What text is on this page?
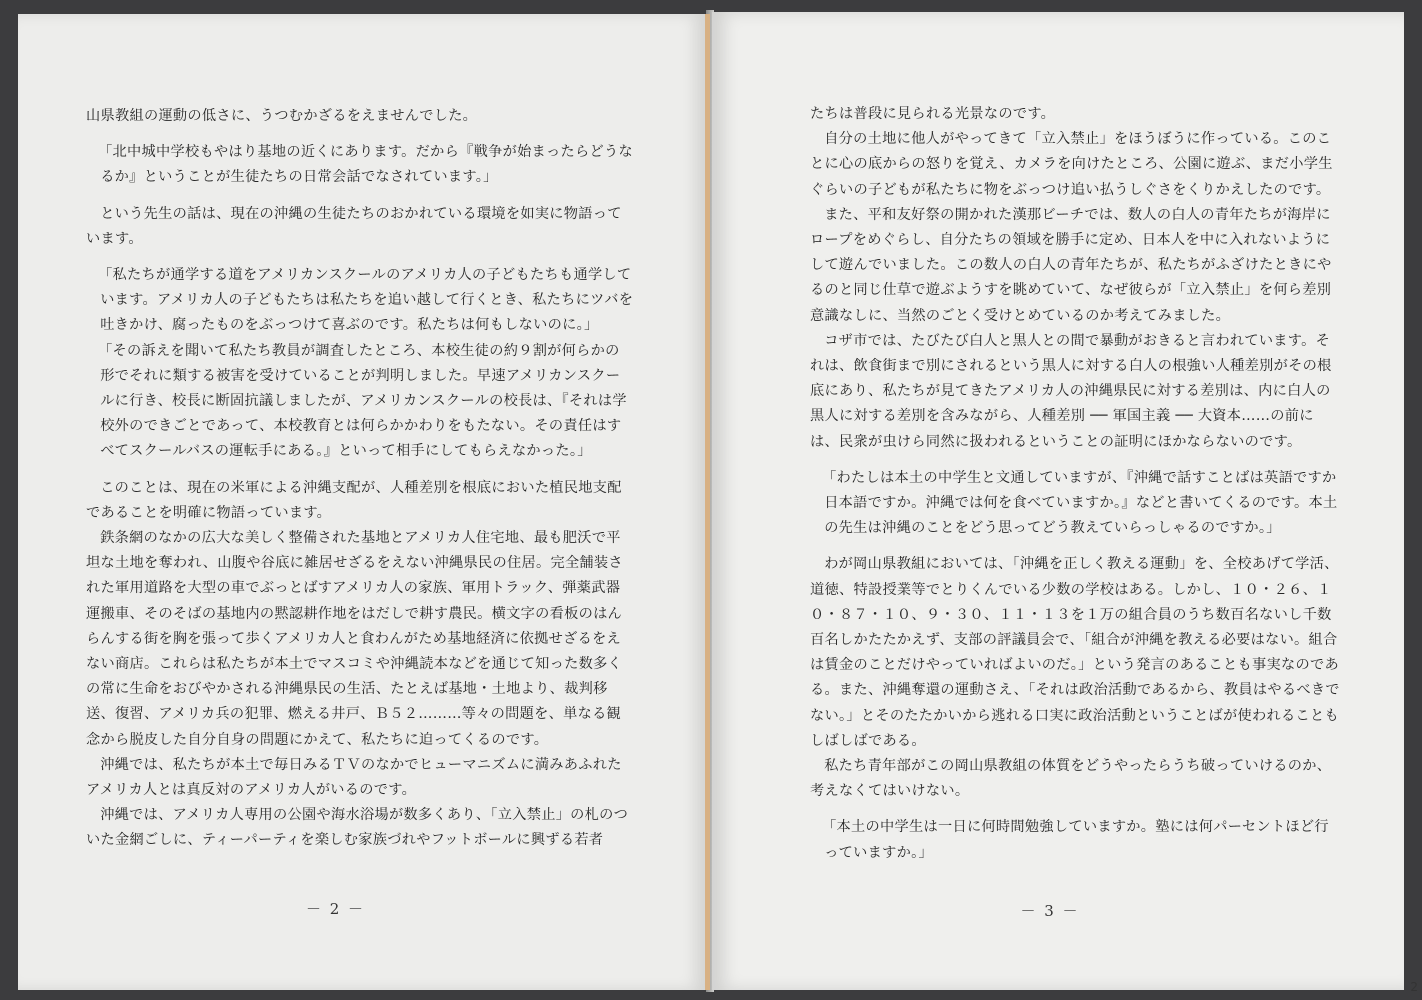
山県教組の運動の低さに、うつむかざるをえませんでした。

「北中城中学校もやはり基地の近くにあります。だから『戦争が始まったらどうなるか』ということが生徒たちの日常会話でなされています。」

という先生の話は、現在の沖縄の生徒たちのおかれている環境を如実に物語っています。

「私たちが通学する道をアメリカンスクールのアメリカ人の子どもたちも通学しています。アメリカ人の子どもたちは私たちを追い越して行くとき、私たちにツバを吐きかけ、腐ったものをぶっつけて喜ぶのです。私たちは何もしないのに。」

「その訴えを聞いて私たち教員が調査したところ、本校生徒の約９割が何らかの形でそれに類する被害を受けていることが判明しました。早速アメリカンスクールに行き、校長に断固抗議しましたが、アメリカンスクールの校長は、『それは学校外のできごとであって、本校教育とは何らかかわりをもたない。その責任はすべてスクールバスの運転手にある。』といって相手にしてもらえなかった。」

このことは、現在の米軍による沖縄支配が、人種差別を根底においた植民地支配であることを明確に物語っています。

鉄条網のなかの広大な美しく整備された基地とアメリカ人住宅地、最も肥沃で平坦な土地を奪われ、山腹や谷底に雑居せざるをえない沖縄県民の住居。完全舗装された軍用道路を大型の車でぶっとばすアメリカ人の家族、軍用トラック、弾薬武器運搬車、そのそばの基地内の黙認耕作地をはだしで耕す農民。横文字の看板のはんらんする街を胸を張って歩くアメリカ人と食わんがため基地経済に依拠せざるをえない商店。これらは私たちが本土でマスコミや沖縄読本などを通じて知った数多くの常に生命をおびやかされる沖縄県民の生活、たとえば基地・土地より、裁判移送、復習、アメリカ兵の犯罪、燃える井戸、Ｂ５２………等々の問題を、単なる観念から脱皮した自分自身の問題にかえて、私たちに迫ってくるのです。

沖縄では、私たちが本土で毎日みるＴＶのなかでヒューマニズムに満みあふれたアメリカ人とは真反対のアメリカ人がいるのです。

沖縄では、アメリカ人専用の公園や海水浴場が数多くあり、「立入禁止」の札のついた金網ごしに、ティーパーティを楽しむ家族づれやフットボールに興ずる若者

－ 2 －

たちは普段に見られる光景なのです。

自分の土地に他人がやってきて「立入禁止」をほうぼうに作っている。このことに心の底からの怒りを覚え、カメラを向けたところ、公園に遊ぶ、まだ小学生ぐらいの子どもが私たちに物をぶっつけ追い払うしぐさをくりかえしたのです。

また、平和友好祭の開かれた漢那ビーチでは、数人の白人の青年たちが海岸にロープをめぐらし、自分たちの領域を勝手に定め、日本人を中に入れないようにして遊んでいました。この数人の白人の青年たちが、私たちがふざけたときにやるのと同じ仕草で遊ぶようすを眺めていて、なぜ彼らが「立入禁止」を何ら差別意識なしに、当然のごとく受けとめているのか考えてみました。

コザ市では、たびたび白人と黒人との間で暴動がおきると言われています。それは、飲食街まで別にされるという黒人に対する白人の根強い人種差別がその根底にあり、私たちが見てきたアメリカ人の沖縄県民に対する差別は、内に白人の黒人に対する差別を含みながら、人種差別 ── 軍国主義 ── 大資本……の前には、民衆が虫けら同然に扱われるということの証明にほかならないのです。

「わたしは本土の中学生と文通していますが、『沖縄で話すことばは英語ですか日本語ですか。沖縄では何を食べていますか。』などと書いてくるのです。本土の先生は沖縄のことをどう思ってどう教えていらっしゃるのですか。」

わが岡山県教組においては、「沖縄を正しく教える運動」を、全校あげて学活、道徳、特設授業等でとりくんでいる少数の学校はある。しかし、１０・２６、１０・８７・１０、９・３０、１１・１３を１万の組合員のうち数百名ないし千数百名しかたたかえず、支部の評議員会で、「組合が沖縄を教える必要はない。組合は賃金のことだけやっていればよいのだ。」という発言のあることも事実なのである。また、沖縄奪還の運動さえ、「それは政治活動であるから、教員はやるべきでない。」とそのたたかいから逃れる口実に政治活動ということばが使われることもしばしばである。

私たち青年部がこの岡山県教組の体質をどうやったらうち破っていけるのか、考えなくてはいけない。

「本土の中学生は一日に何時間勉強していますか。塾には何パーセントほど行っていますか。」

－ 3 －
2
